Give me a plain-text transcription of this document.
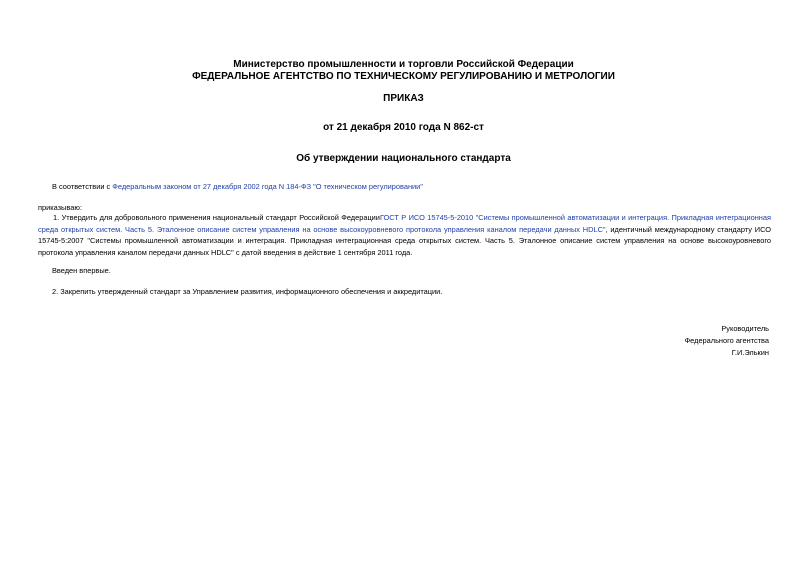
Министерство промышленности и торговли Российской Федерации
ФЕДЕРАЛЬНОЕ АГЕНТСТВО ПО ТЕХНИЧЕСКОМУ РЕГУЛИРОВАНИЮ И МЕТРОЛОГИИ
ПРИКАЗ
от 21 декабря 2010 года N 862-ст
Об утверждении национального стандарта
В соответствии с Федеральным законом от 27 декабря 2002 года N 184-ФЗ "О техническом регулировании"
приказываю:
1. Утвердить для добровольного применения национальный стандарт Российской ФедерацииГОСТ Р ИСО 15745-5-2010 "Системы промышленной автоматизации и интеграция. Прикладная интеграционная среда открытых систем. Часть 5. Эталонное описание систем управления на основе высокоуровневого протокола управления каналом передачи данных HDLC", идентичный международному стандарту ИСО 15745-5:2007 "Системы промышленной автоматизации и интеграция. Прикладная интеграционная среда открытых систем. Часть 5. Эталонное описание систем управления на основе высокоуровневого протокола управления каналом передачи данных HDLC" с датой введения в действие 1 сентября 2011 года.
Введен впервые.
2. Закрепить утвержденный стандарт за Управлением развития, информационного обеспечения и аккредитации.
Руководитель
Федерального агентства
Г.И.Элькин
